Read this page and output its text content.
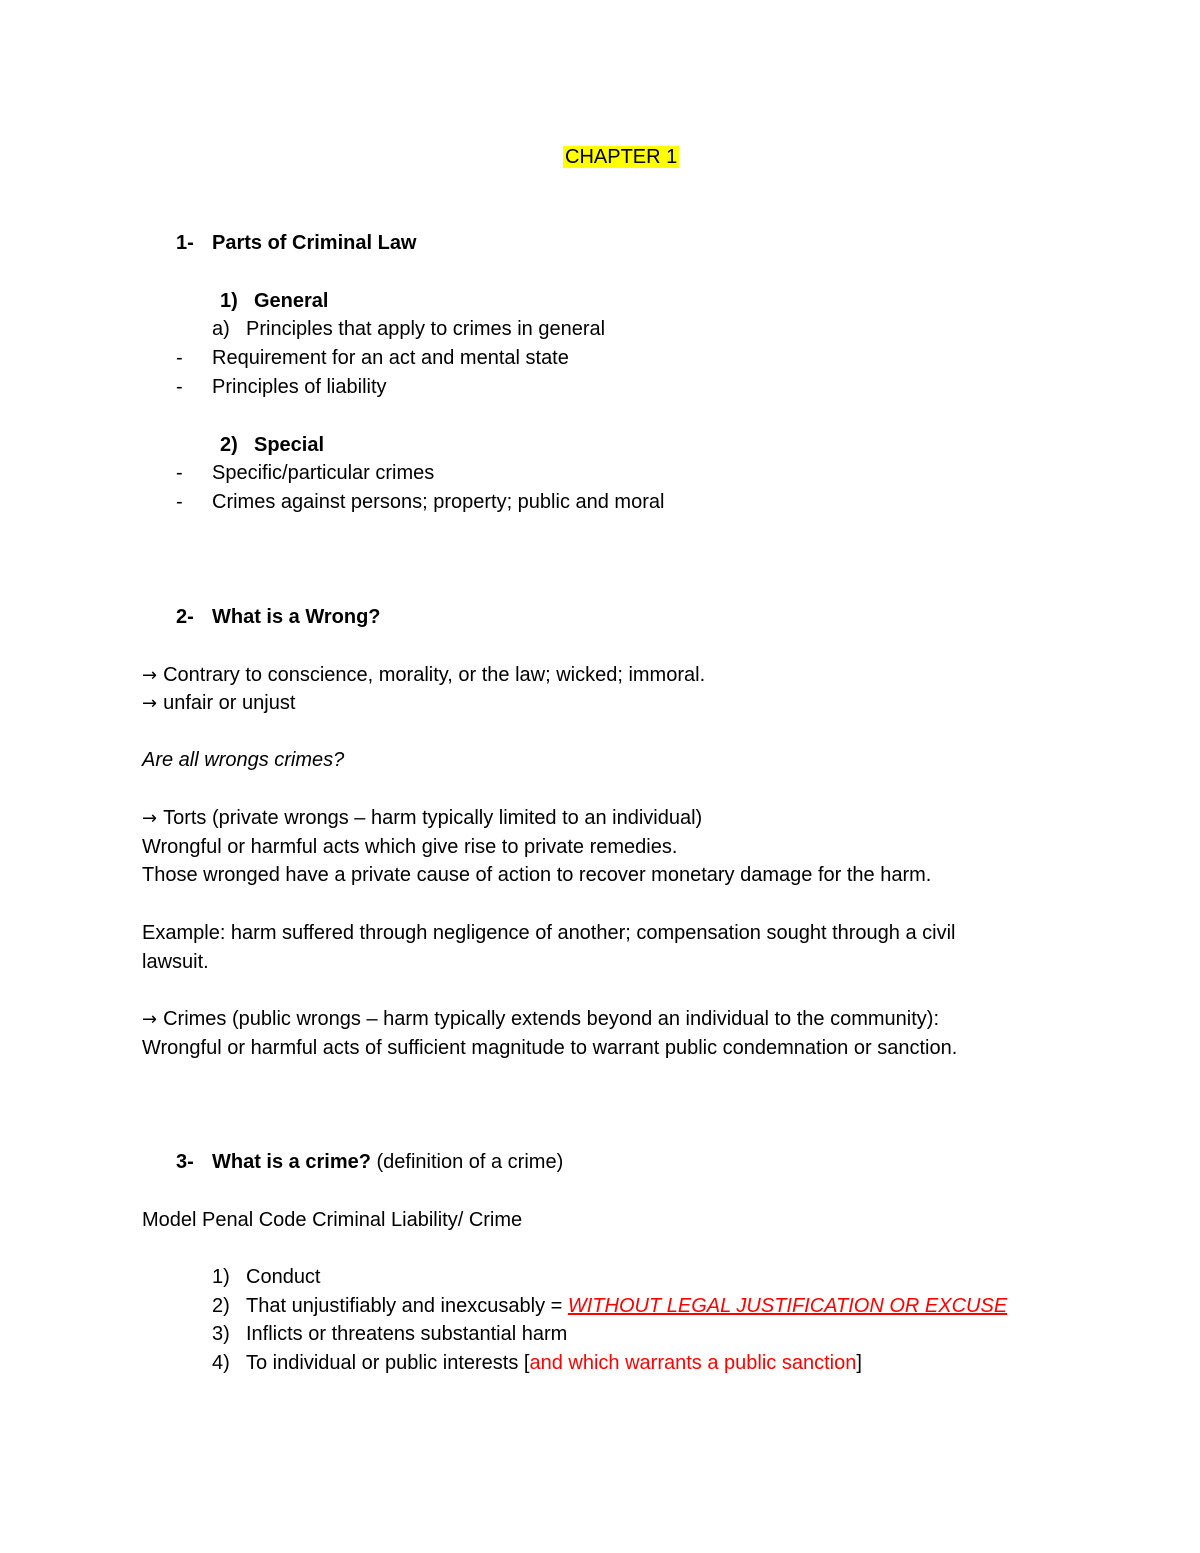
CHAPTER 1
1- Parts of Criminal Law
1) General
a) Principles that apply to crimes in general
- Requirement for an act and mental state
- Principles of liability
2) Special
- Specific/particular crimes
- Crimes against persons; property; public and moral
2- What is a Wrong?
→ Contrary to conscience, morality, or the law; wicked; immoral.
→ unfair or unjust
Are all wrongs crimes?
→ Torts (private wrongs – harm typically limited to an individual)
Wrongful or harmful acts which give rise to private remedies.
Those wronged have a private cause of action to recover monetary damage for the harm.
Example: harm suffered through negligence of another; compensation sought through a civil
lawsuit.
→ Crimes (public wrongs – harm typically extends beyond an individual to the community):
Wrongful or harmful acts of sufficient magnitude to warrant public condemnation or sanction.
3- What is a crime? (definition of a crime)
Model Penal Code Criminal Liability/ Crime
1) Conduct
2) That unjustifiably and inexcusably = WITHOUT LEGAL JUSTIFICATION OR EXCUSE
3) Inflicts or threatens substantial harm
4) To individual or public interests [and which warrants a public sanction]
